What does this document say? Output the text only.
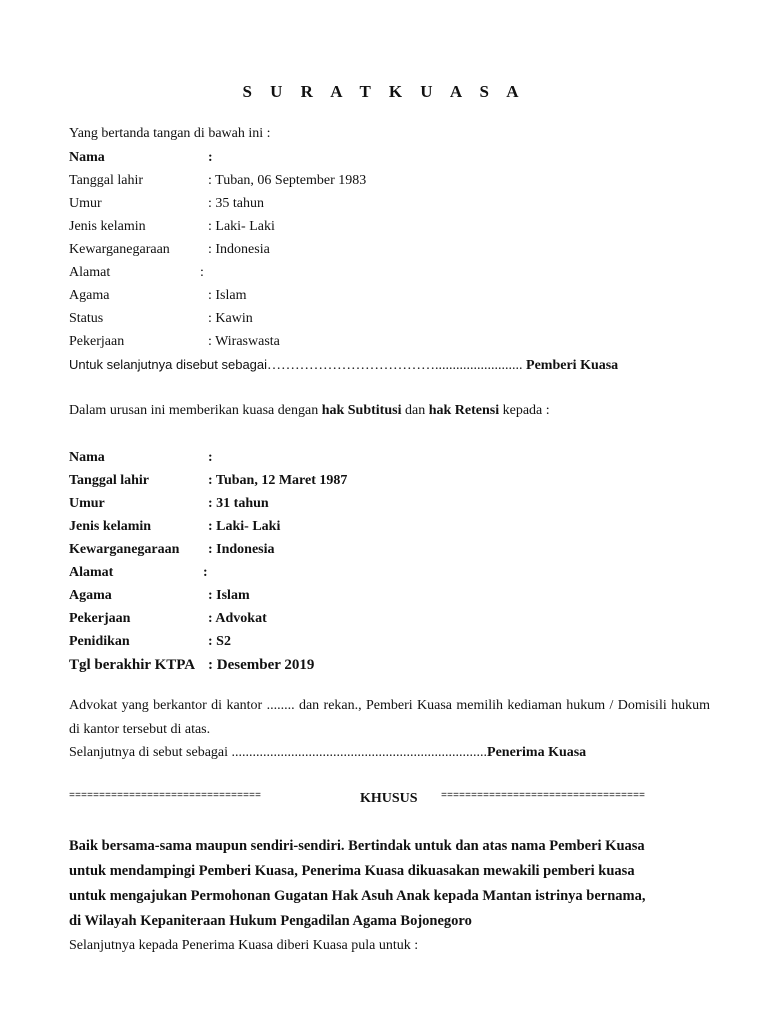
S U R A T K U A S A
Yang bertanda tangan di bawah ini :
Nama	:
Tanggal lahir	: Tuban, 06 September 1983
Umur	: 35 tahun
Jenis kelamin	: Laki- Laki
Kewarganegaraan	: Indonesia
Alamat	:
Agama	: Islam
Status	: Kawin
Pekerjaan	: Wiraswasta
Untuk selanjutnya disebut sebagai………………………………......................... Pemberi Kuasa
Dalam urusan ini memberikan kuasa dengan hak Subtitusi dan hak Retensi kepada :
Nama	:
Tanggal lahir	: Tuban, 12 Maret 1987
Umur	: 31 tahun
Jenis kelamin	: Laki- Laki
Kewarganegaraan : Indonesia
Alamat	:
Agama	: Islam
Pekerjaan	: Advokat
Penidikan	: S2
Tgl berakhir KTPA : Desember 2019
Advokat yang berkantor di kantor ........ dan rekan., Pemberi Kuasa memilih kediaman hukum / Domisili hukum di kantor tersebut di atas.
Selanjutnya di sebut sebagai .........................................................................Penerima Kuasa
================================	KHUSUS ==================================
Baik bersama-sama maupun sendiri-sendiri. Bertindak untuk dan atas nama Pemberi Kuasa
untuk mendampingi Pemberi Kuasa, Penerima Kuasa dikuasakan mewakili pemberi kuasa
untuk mengajukan Permohonan Gugatan Hak Asuh Anak kepada Mantan istrinya bernama,
di Wilayah Kepaniteraan Hukum Pengadilan Agama Bojonegoro
Selanjutnya kepada Penerima Kuasa diberi Kuasa pula untuk :
